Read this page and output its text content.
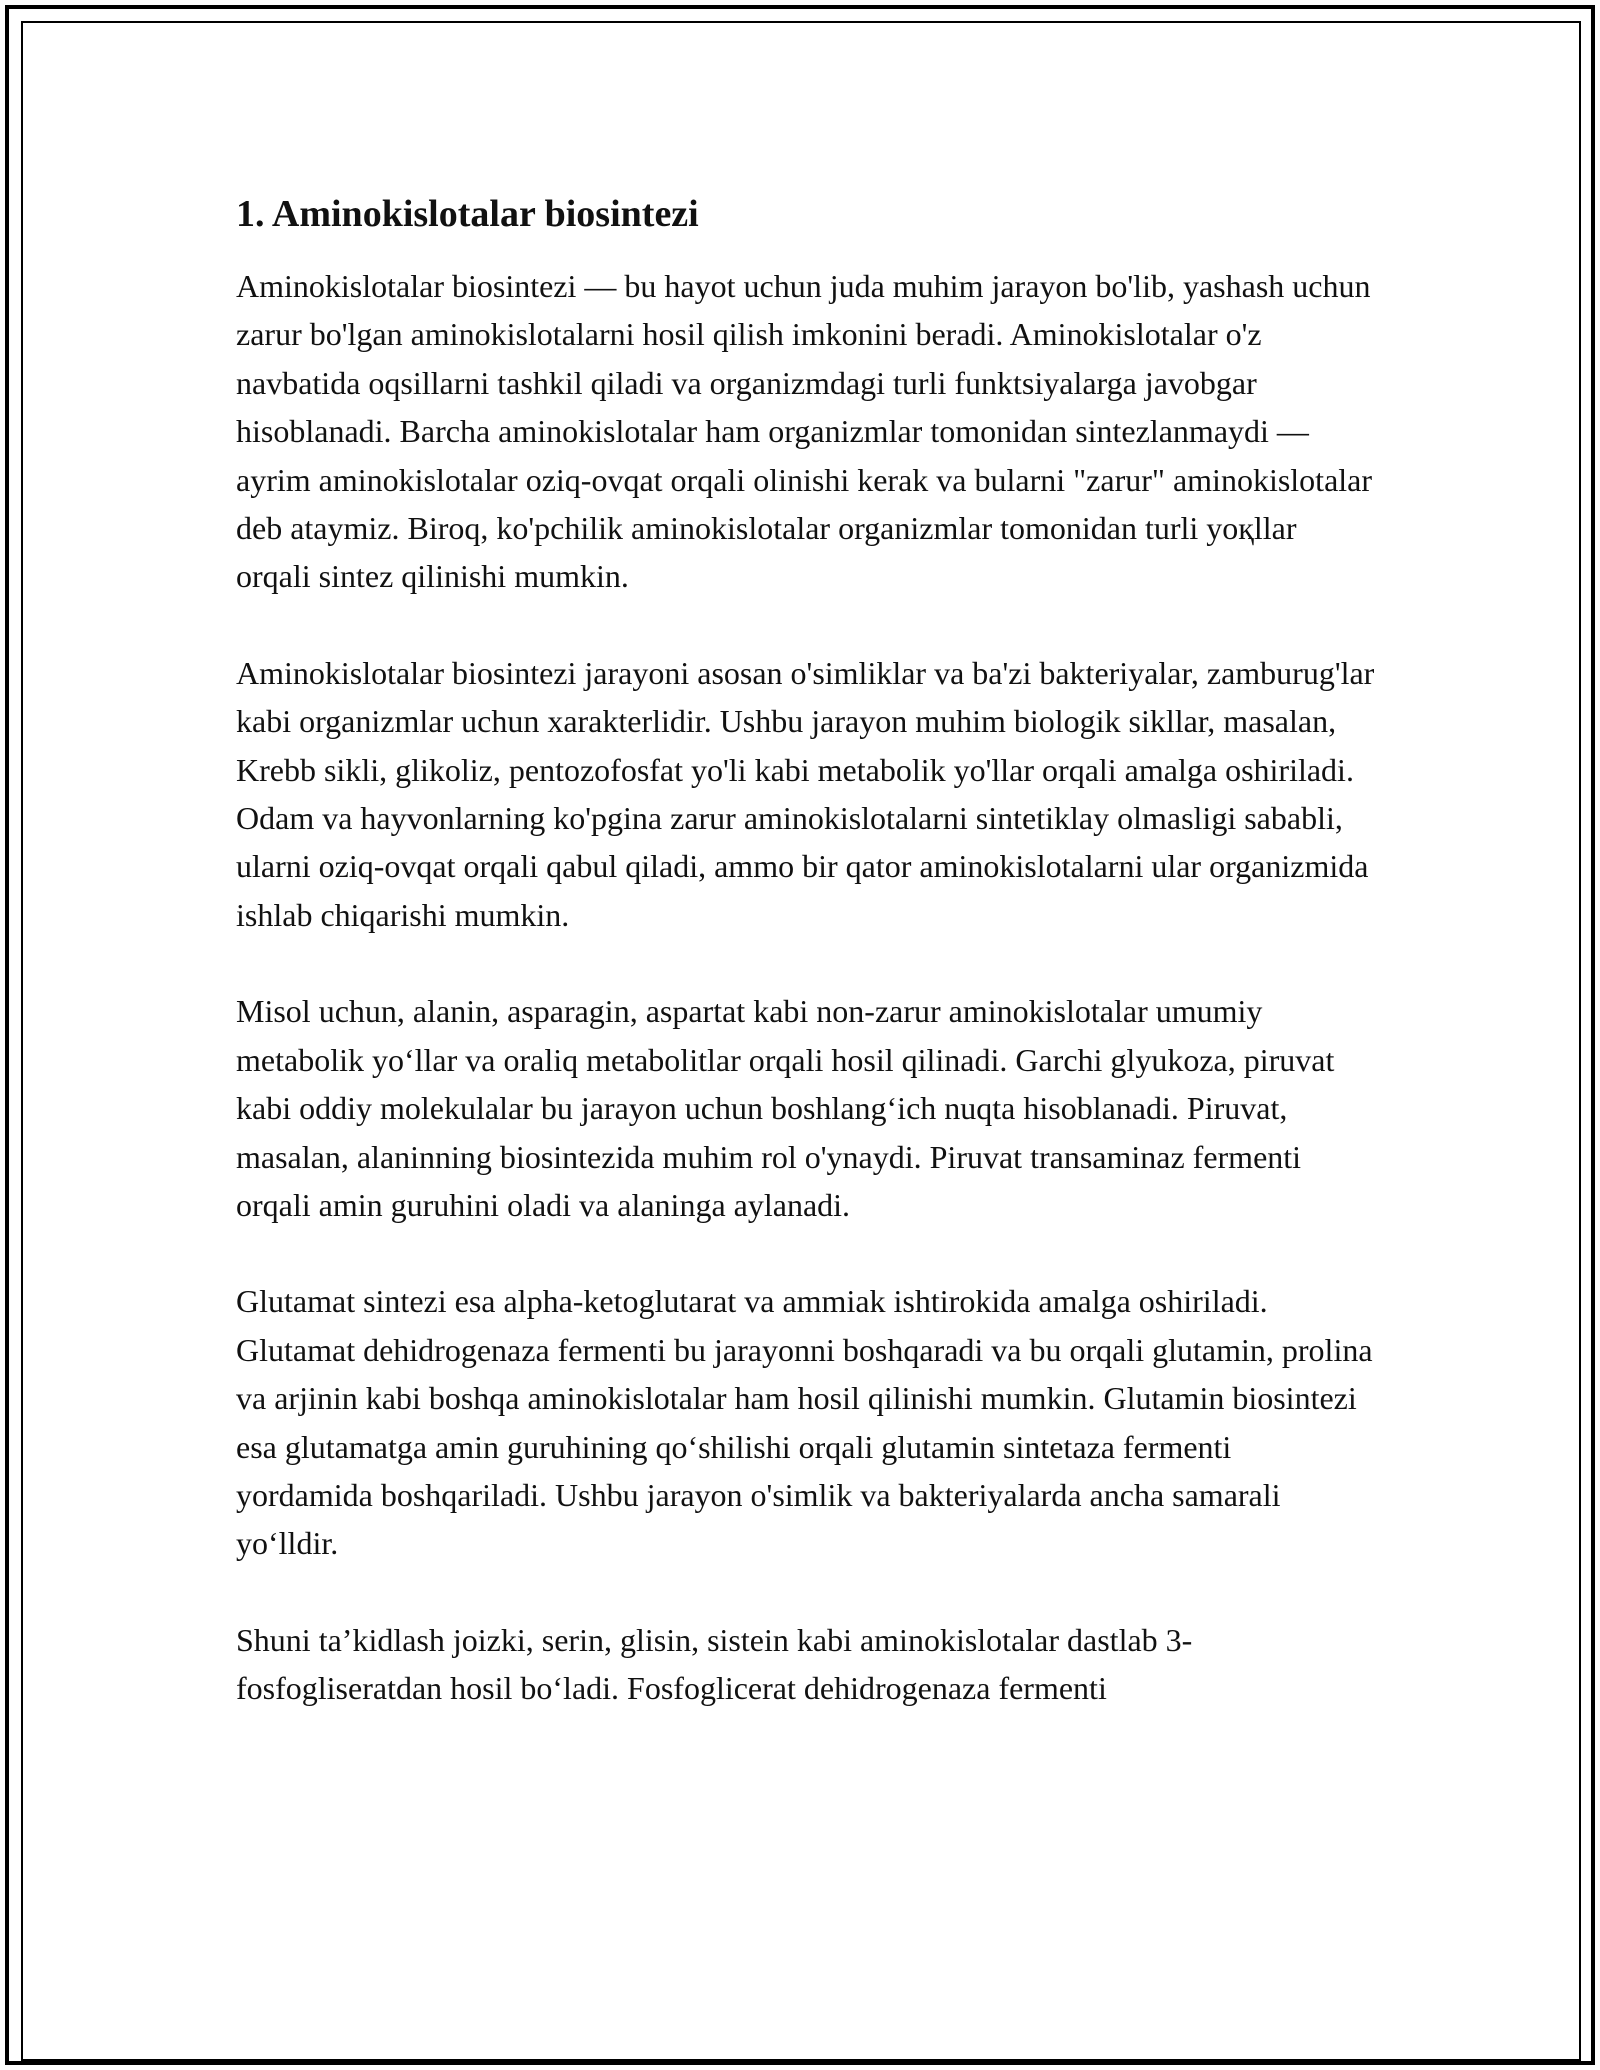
1. Aminokislotalar biosintezi

Aminokislotalar biosintezi — bu hayot uchun juda muhim jarayon bo'lib, yashash uchun zarur bo'lgan aminokislotalarni hosil qilish imkonini beradi. Aminokislotalar o'z navbatida oqsillarni tashkil qiladi va organizmdagi turli funktsiyalarga javobgar hisoblanadi. Barcha aminokislotalar ham organizmlar tomonidan sintezlanmaydi — ayrim aminokislotalar oziq-ovqat orqali olinishi kerak va bularni "zarur" aminokislotalar deb ataymiz. Biroq, ko'pchilik aminokislotalar organizmlar tomonidan turli yoқllar orqali sintez qilinishi mumkin.

Aminokislotalar biosintezi jarayoni asosan o'simliklar va ba'zi bakteriyalar, zamburug'lar kabi organizmlar uchun xarakterlidir. Ushbu jarayon muhim biologik sikllar, masalan, Krebb sikli, glikoliz, pentozofosfat yo'li kabi metabolik yo'llar orqali amalga oshiriladi. Odam va hayvonlarning ko'pgina zarur aminokislotalarni sintetiklay olmasligi sababli, ularni oziq-ovqat orqali qabul qiladi, ammo bir qator aminokislotalarni ular organizmida ishlab chiqarishi mumkin.

Misol uchun, alanin, asparagin, aspartat kabi non-zarur aminokislotalar umumiy metabolik yo‘llar va oraliq metabolitlar orqali hosil qilinadi. Garchi glyukoza, piruvat kabi oddiy molekulalar bu jarayon uchun boshlang‘ich nuqta hisoblanadi. Piruvat, masalan, alaninning biosintezida muhim rol o'ynaydi. Piruvat transaminaz fermenti orqali amin guruhini oladi va alaninga aylanadi.

Glutamat sintezi esa alpha-ketoglutarat va ammiak ishtirokida amalga oshiriladi. Glutamat dehidrogenaza fermenti bu jarayonni boshqaradi va bu orqali glutamin, prolina va arjinin kabi boshqa aminokislotalar ham hosil qilinishi mumkin. Glutamin biosintezi esa glutamatga amin guruhining qo‘shilishi orqali glutamin sintetaza fermenti yordamida boshqariladi. Ushbu jarayon o'simlik va bakteriyalarda ancha samarali yo‘lldir.

Shuni ta’kidlash joizki, serin, glisin, sistein kabi aminokislotalar dastlab 3-fosfogliseratdan hosil bo‘ladi. Fosfoglicerat dehidrogenaza fermenti
